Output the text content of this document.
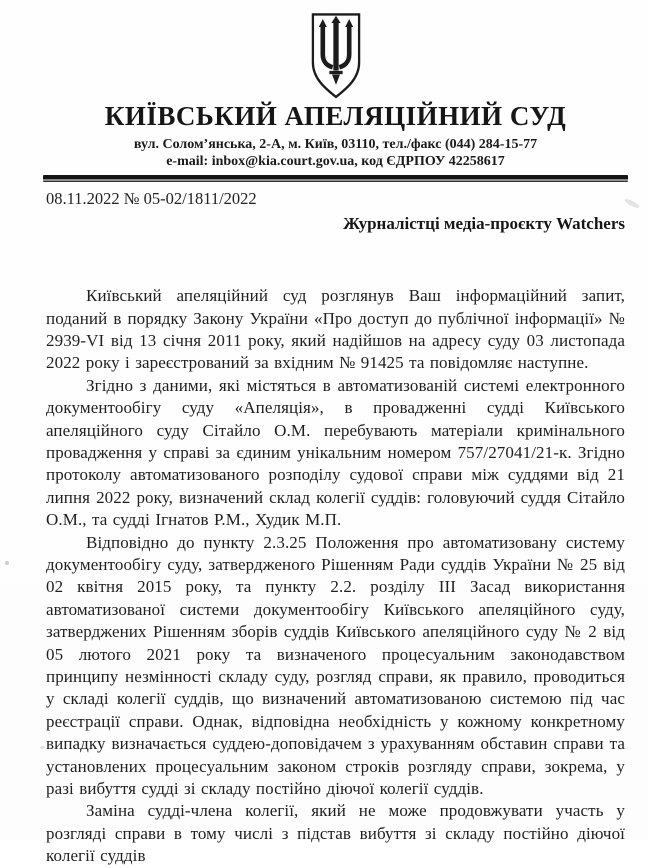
КИЇВСЬКИЙ АПЕЛЯЦІЙНИЙ СУД
вул. Солом’янська, 2-А, м. Київ, 03110, тел./факс (044) 284-15-77
e-mail: inbox@kia.court.gov.ua, код ЄДРПОУ 42258617
08.11.2022 № 05-02/1811/2022
Журналістці медіа-проєкту Watchers

Київський апеляційний суд розглянув Ваш інформаційний запит, поданий в порядку Закону України «Про доступ до публічної інформації» № 2939-VI від 13 січня 2011 року, який надійшов на адресу суду 03 листопада 2022 року і зареєстрований за вхідним № 91425 та повідомляє наступне.

Згідно з даними, які містяться в автоматизованій системі електронного документообігу суду «Апеляція», в провадженні судді Київського апеляційного суду Сітайло О.М. перебувають матеріали кримінального провадження у справі за єдиним унікальним номером 757/27041/21-к. Згідно протоколу автоматизованого розподілу судової справи між суддями від 21 липня 2022 року, визначений склад колегії суддів: головуючий суддя Сітайло О.М., та судді Ігнатов Р.М., Худик М.П.

Відповідно до пункту 2.3.25 Положення про автоматизовану систему документообігу суду, затвердженого Рішенням Ради суддів України № 25 від 02 квітня 2015 року, та пункту 2.2. розділу III Засад використання автоматизованої системи документообігу Київського апеляційного суду, затверджених Рішенням зборів суддів Київського апеляційного суду № 2 від 05 лютого 2021 року та визначеного процесуальним законодавством принципу незмінності складу суду, розгляд справи, як правило, проводиться у складі колегії суддів, що визначений автоматизованою системою під час реєстрації справи. Однак, відповідна необхідність у кожному конкретному випадку визначається суддею-доповідачем з урахуванням обставин справи та установлених процесуальним законом строків розгляду справи, зокрема, у разі вибуття судді зі складу постійно діючої колегії суддів.

Заміна судді-члена колегії, який не може продовжувати участь у розгляді справи в тому числі з підстав вибуття зі складу постійно діючої колегії суддів
